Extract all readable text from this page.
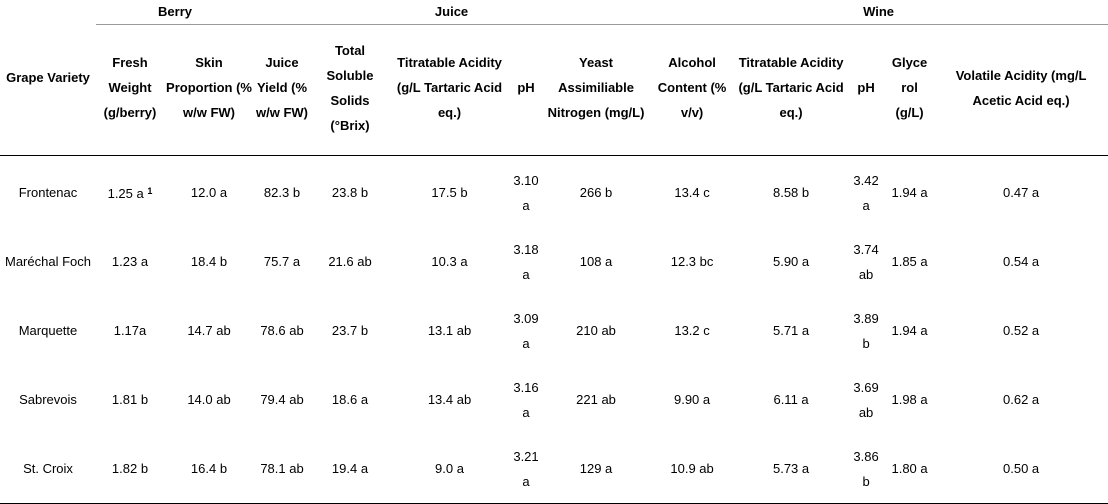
Grape Variety	Berry		Juice					Wine				
	Fresh Weight (g/berry)	Skin Proportion (% w/w FW)	Juice Yield (% w/w FW)	Total Soluble Solids (°Brix)	Titratable Acidity (g/L Tartaric Acid eq.)	pH	Yeast Assimiliable Nitrogen (mg/L)	Alcohol Content (% v/v)	Titratable Acidity (g/L Tartaric Acid eq.)	pH	Glyce rol (g/L)	Volatile Acidity (mg/L Acetic Acid eq.)
Frontenac	1.25 a $^1$	12.0 a	82.3 b	23.8 b	17.5 b	3.10 a	266 b	13.4 c	8.58 b	3.42 a	1.94 a	0.47 a
Maréchal Foch	1.23 a	18.4 b	75.7 a	21.6 ab	10.3 a	3.18 a	108 a	12.3 bc	5.90 a	3.74 ab	1.85 a	0.54 a
Marquette	1.17a	14.7 ab	78.6 ab	23.7 b	13.1 ab	3.09 a	210 ab	13.2 c	5.71 a	3.89 b	1.94 a	0.52 a
Sabrevois	1.81 b	14.0 ab	79.4 ab	18.6 a	13.4 ab	3.16 a	221 ab	9.90 a	6.11 a	3.69 ab	1.98 a	0.62 a
St. Croix	1.82 b	16.4 b	78.1 ab	19.4 a	9.0 a	3.21 a	129 a	10.9 ab	5.73 a	3.86 b	1.80 a	0.50 a
